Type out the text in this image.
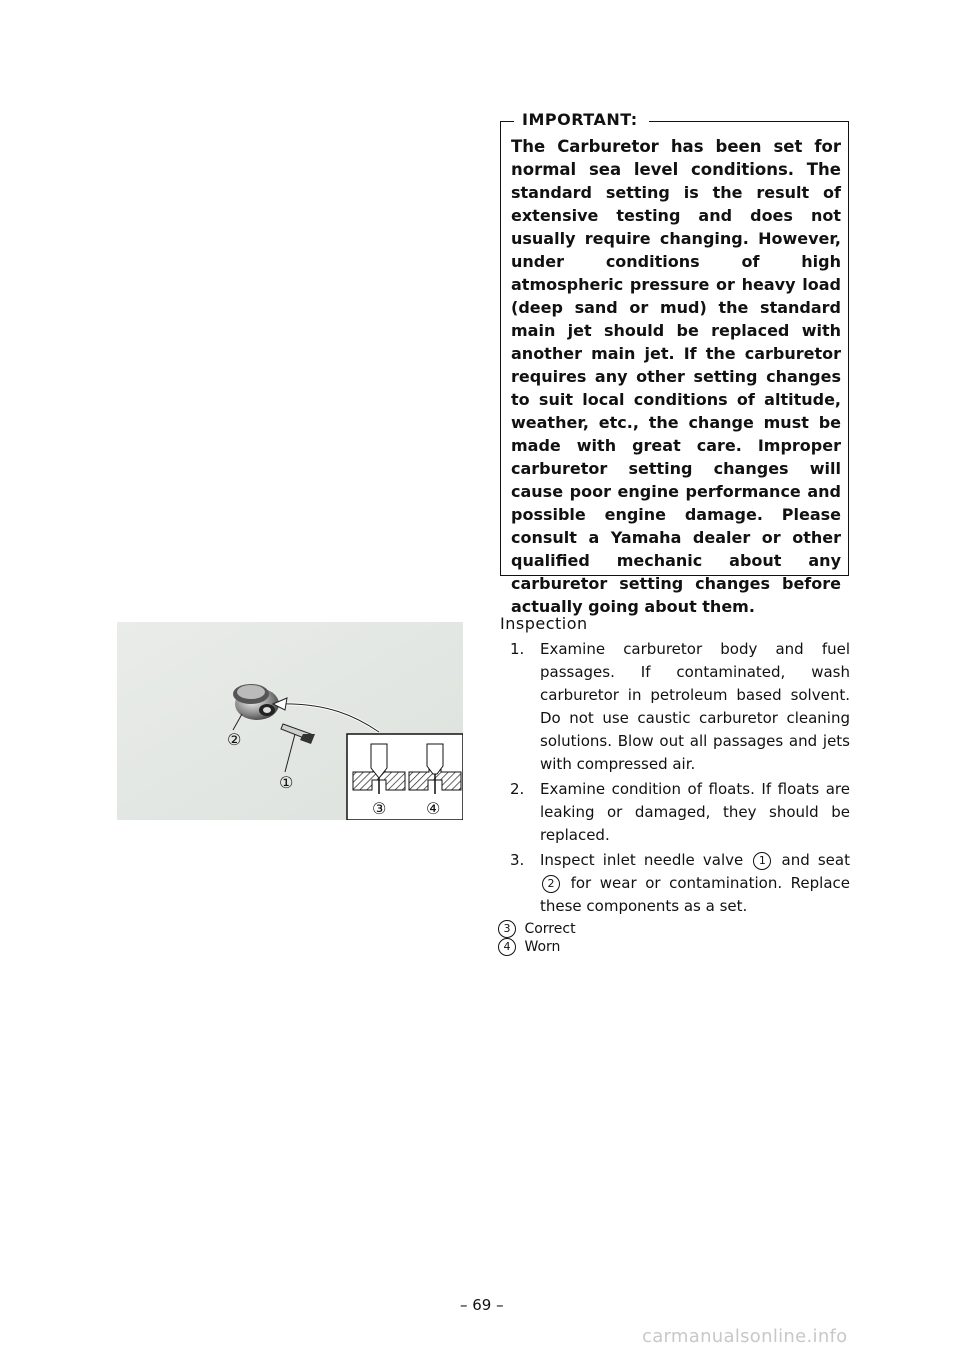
IMPORTANT:
The Carburetor has been set for normal sea level conditions. The standard setting is the result of extensive testing and does not usually require changing. However, under conditions of high atmospheric pressure or heavy load (deep sand or mud) the standard main jet should be replaced with another main jet. If the carburetor requires any other setting changes to suit local conditions of altitude, weather, etc., the change must be made with great care. Improper carburetor setting changes will cause poor engine performance and possible engine damage. Please consult a Yamaha dealer or other qualified mechanic about any carburetor setting changes before actually going about them.
②
①
③ ④
Inspection
1. Examine carburetor body and fuel passages. If contaminated, wash carburetor in petroleum based solvent. Do not use caustic carburetor cleaning solutions. Blow out all passages and jets with compressed air.
2. Examine condition of floats. If floats are leaking or damaged, they should be replaced.
3. Inspect inlet needle valve 1 and seat 2 for wear or contamination. Replace these components as a set.
3 Correct
4 Worn
– 69 –
carmanualsonline.info
